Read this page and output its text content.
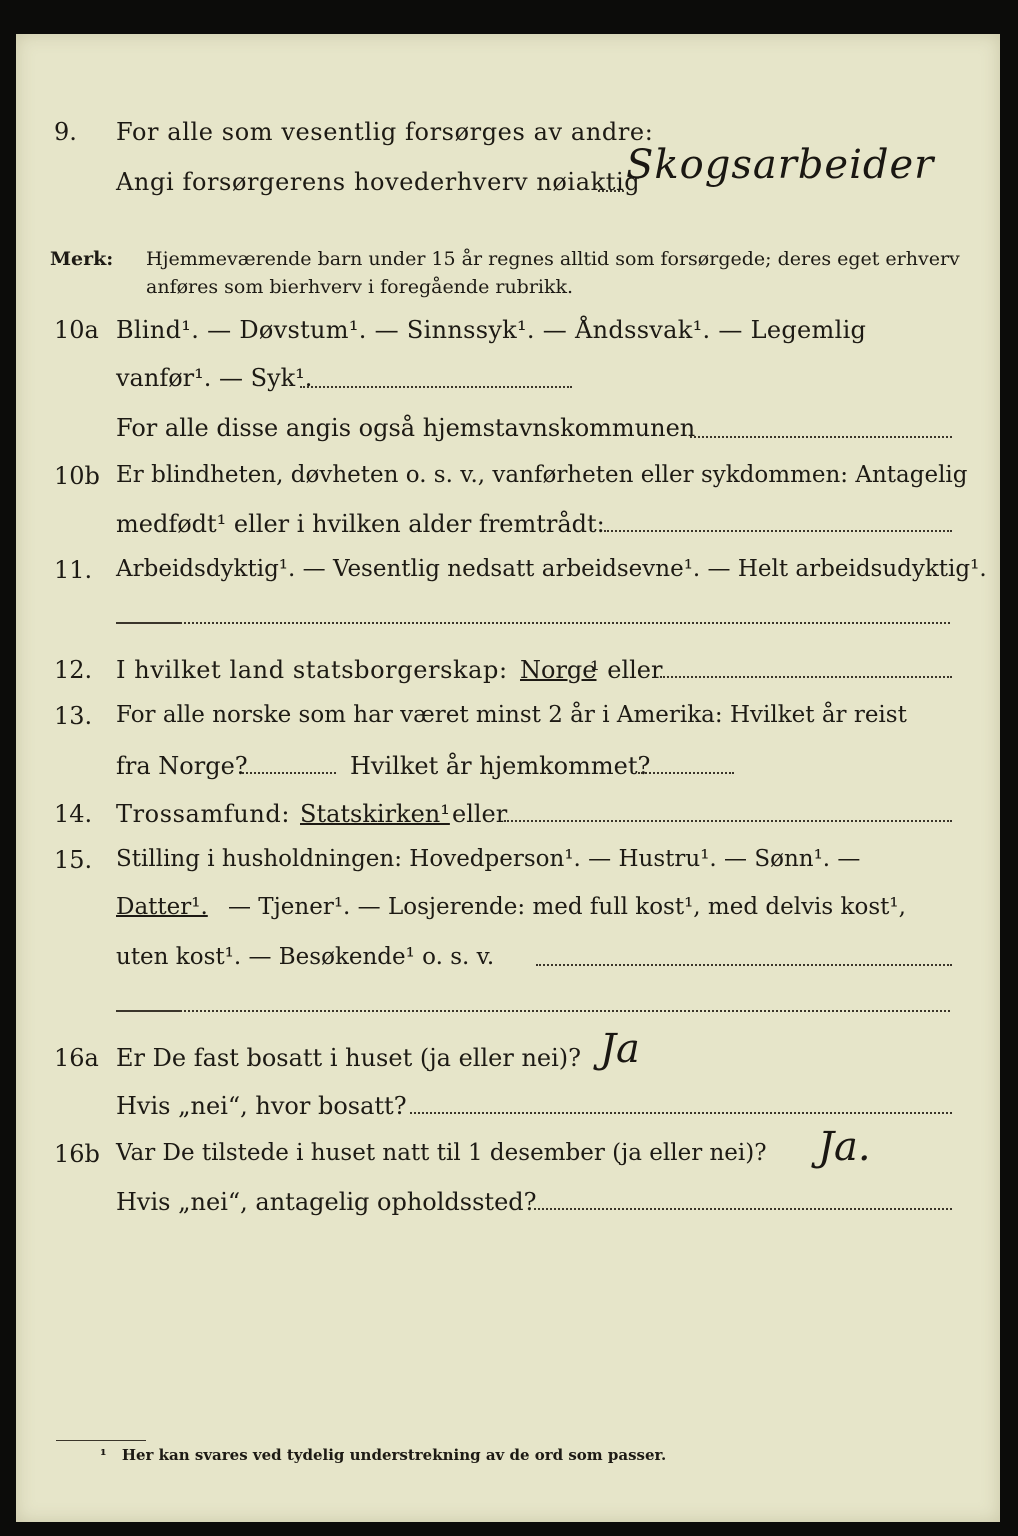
9. For alle som vesentlig forsørges av andre:
Angi forsørgerens hovederhverv nøiaktig
Skogsarbeider
Merk: Hjemmeværende barn under 15 år regnes alltid som forsørgede; deres eget erhverv
anføres som bierhverv i foregående rubrikk.
10a Blind¹. — Døvstum¹. — Sinnssyk¹. — Åndssvak¹. — Legemlig
vanfør¹. — Syk¹.
For alle disse angis også hjemstavnskommunen
10b Er blindheten, døvheten o. s. v., vanførheten eller sykdommen: Antagelig
medfødt¹ eller i hvilken alder fremtrådt:
11. Arbeidsdyktig¹. — Vesentlig nedsatt arbeidsevne¹. — Helt arbeidsudyktig¹.
12. I hvilket land statsborgerskap: Norge
¹ eller
13. For alle norske som har været minst 2 år i Amerika: Hvilket år reist
fra Norge?	Hvilket år hjemkommet?
14. Trossamfund: Statskirken¹ eller
15. Stilling i husholdningen: Hovedperson¹. — Hustru¹. — Sønn¹. —
Datter¹. — Tjener¹. — Losjerende: med full kost¹, med delvis kost¹,
uten kost¹. — Besøkende¹ o. s. v.
16a Er De fast bosatt i huset (ja eller nei)? Ja
Hvis „nei“, hvor bosatt?
16b Var De tilstede i huset natt til 1 desember (ja eller nei)? Ja.
Hvis „nei“, antagelig opholdssted?
¹ Her kan svares ved tydelig understrekning av de ord som passer.
